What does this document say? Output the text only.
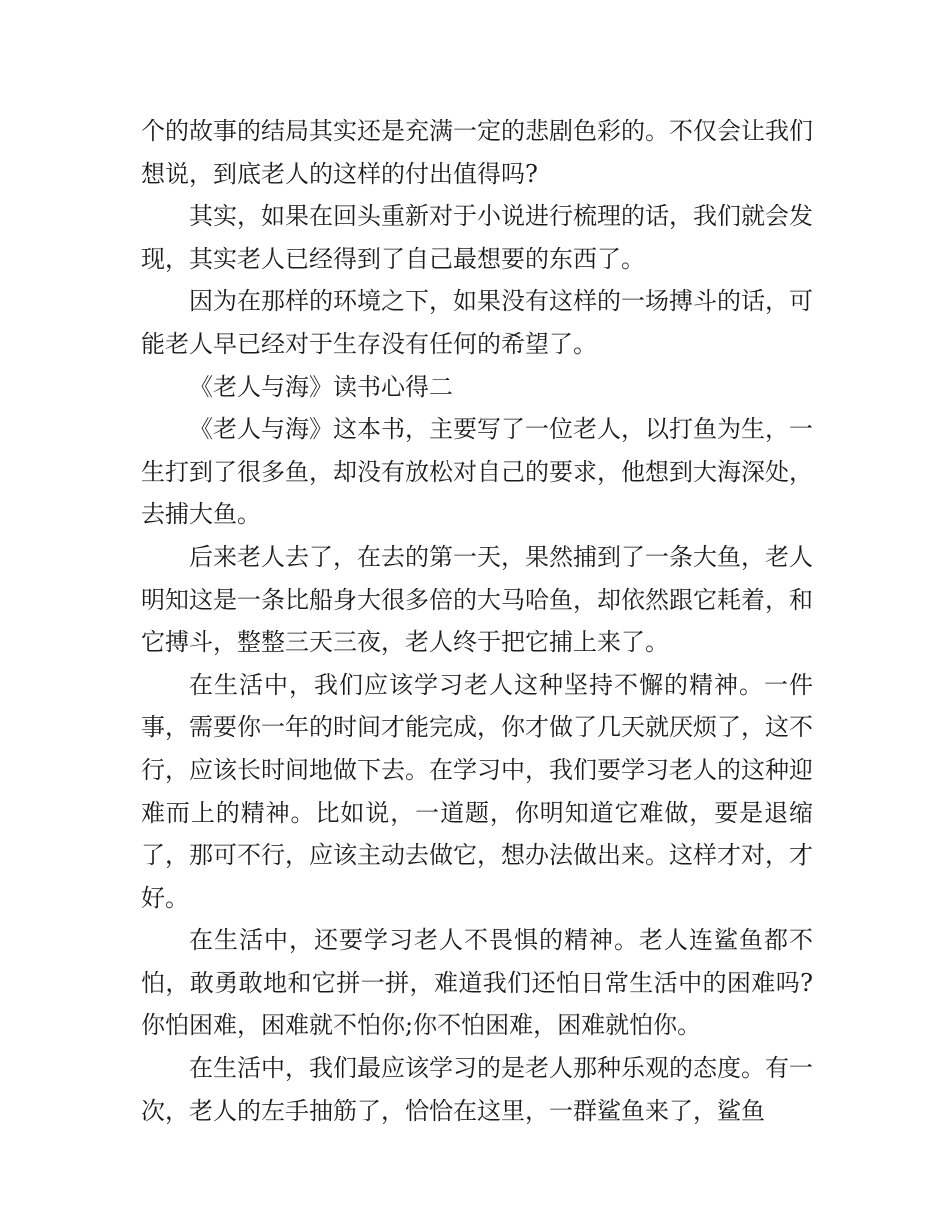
个的故事的结局其实还是充满一定的悲剧色彩的。不仅会让我们想说，到底老人的这样的付出值得吗?

其实，如果在回头重新对于小说进行梳理的话，我们就会发现，其实老人已经得到了自己最想要的东西了。

因为在那样的环境之下，如果没有这样的一场搏斗的话，可能老人早已经对于生存没有任何的希望了。

《老人与海》读书心得二

《老人与海》这本书，主要写了一位老人，以打鱼为生，一生打到了很多鱼，却没有放松对自己的要求，他想到大海深处，去捕大鱼。

后来老人去了，在去的第一天，果然捕到了一条大鱼，老人明知这是一条比船身大很多倍的大马哈鱼，却依然跟它耗着，和它搏斗，整整三天三夜，老人终于把它捕上来了。

在生活中，我们应该学习老人这种坚持不懈的精神。一件事，需要你一年的时间才能完成，你才做了几天就厌烦了，这不行，应该长时间地做下去。在学习中，我们要学习老人的这种迎难而上的精神。比如说，一道题，你明知道它难做，要是退缩了，那可不行，应该主动去做它，想办法做出来。这样才对，才好。

在生活中，还要学习老人不畏惧的精神。老人连鲨鱼都不怕，敢勇敢地和它拼一拼，难道我们还怕日常生活中的困难吗?你怕困难，困难就不怕你;你不怕困难，困难就怕你。

在生活中，我们最应该学习的是老人那种乐观的态度。有一次，老人的左手抽筋了，恰恰在这里，一群鲨鱼来了，鲨鱼
